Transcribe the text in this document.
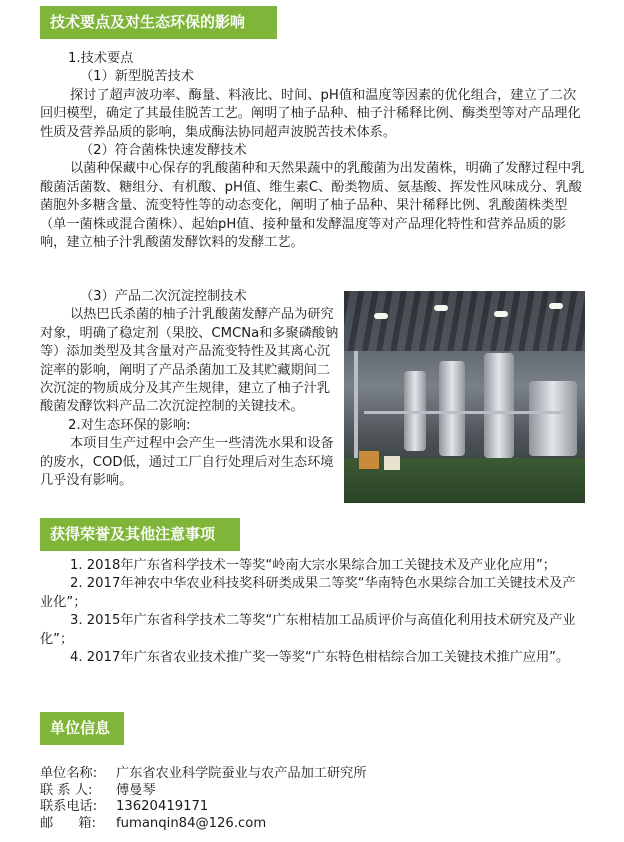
技术要点及对生态环保的影响

1.技术要点

（1）新型脱苦技术

探讨了超声波功率、酶量、料液比、时间、pH值和温度等因素的优化组合，建立了二次回归模型，确定了其最佳脱苦工艺。阐明了柚子品种、柚子汁稀释比例、酶类型等对产品理化性质及营养品质的影响，集成酶法协同超声波脱苦技术体系。

（2）符合菌株快速发酵技术

以菌种保藏中心保存的乳酸菌种和天然果蔬中的乳酸菌为出发菌株，明确了发酵过程中乳酸菌活菌数、糖组分、有机酸、pH值、维生素C、酚类物质、氨基酸、挥发性风味成分、乳酸菌胞外多糖含量、流变特性等的动态变化，阐明了柚子品种、果汁稀释比例、乳酸菌株类型（单一菌株或混合菌株）、起始pH值、接种量和发酵温度等对产品理化特性和营养品质的影响，建立柚子汁乳酸菌发酵饮料的发酵工艺。

（3）产品二次沉淀控制技术

以热巴氏杀菌的柚子汁乳酸菌发酵产品为研究对象，明确了稳定剂（果胶、CMCNa和多聚磷酸钠等）添加类型及其含量对产品流变特性及其离心沉淀率的影响，阐明了产品杀菌加工及其贮藏期间二次沉淀的物质成分及其产生规律，建立了柚子汁乳酸菌发酵饮料产品二次沉淀控制的关键技术。

2.对生态环保的影响:

本项目生产过程中会产生一些清洗水果和设备的废水，COD低，通过工厂自行处理后对生态环境几乎没有影响。

获得荣誉及其他注意事项

1. 2018年广东省科学技术一等奖“岭南大宗水果综合加工关键技术及产业化应用”；

2. 2017年神农中华农业科技奖科研类成果二等奖“华南特色水果综合加工关键技术及产业化”；

3. 2015年广东省科学技术二等奖“广东柑桔加工品质评价与高值化利用技术研究及产业化”；

4. 2017年广东省农业技术推广奖一等奖“广东特色柑桔综合加工关键技术推广应用”。

单位信息
单位名称:	广东省农业科学院蚕业与农产品加工研究所
联 系 人:	傅曼琴
联系电话:	13620419171
邮      箱:	fumanqin84@126.com
